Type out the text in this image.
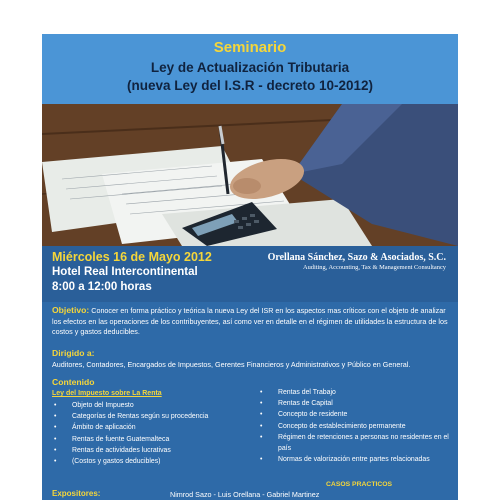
Seminario
Ley de Actualización Tributaria
(nueva Ley del I.S.R - decreto 10-2012)
Miércoles 16 de Mayo 2012
Hotel Real Intercontinental
8:00 a 12:00 horas
Orellana Sánchez, Sazo & Asociados, S.C.
Auditing, Accounting, Tax & Management Consultancy
Objetivo: Conocer en forma práctico y teórica la nueva Ley del ISR en los aspectos mas críticos con el objeto de analizar los efectos en las operaciones de los contribuyentes, así como ver en detalle en el régimen de utilidades la estructura de los costos y gastos deducibles.
Dirigido a:
Auditores, Contadores, Encargados de Impuestos, Gerentes Financieros y Administrativos y Público en General.
Contenido
Ley del Impuesto sobre La Renta
• Objeto del Impuesto
• Categorías de Rentas según su procedencia
• Ámbito de aplicación
• Rentas de fuente Guatemalteca
• Rentas de actividades lucrativas
• (Costos y gastos deducibles)
• Rentas del Trabajo
• Rentas de Capital
• Concepto de residente
• Concepto de establecimiento permanente
• Régimen de retenciones a personas no residentes en el país
• Normas de valorización entre partes relacionadas
CASOS PRACTICOS
Expositores:	Nimrod Sazo - Luis Orellana - Gabriel Martinez
